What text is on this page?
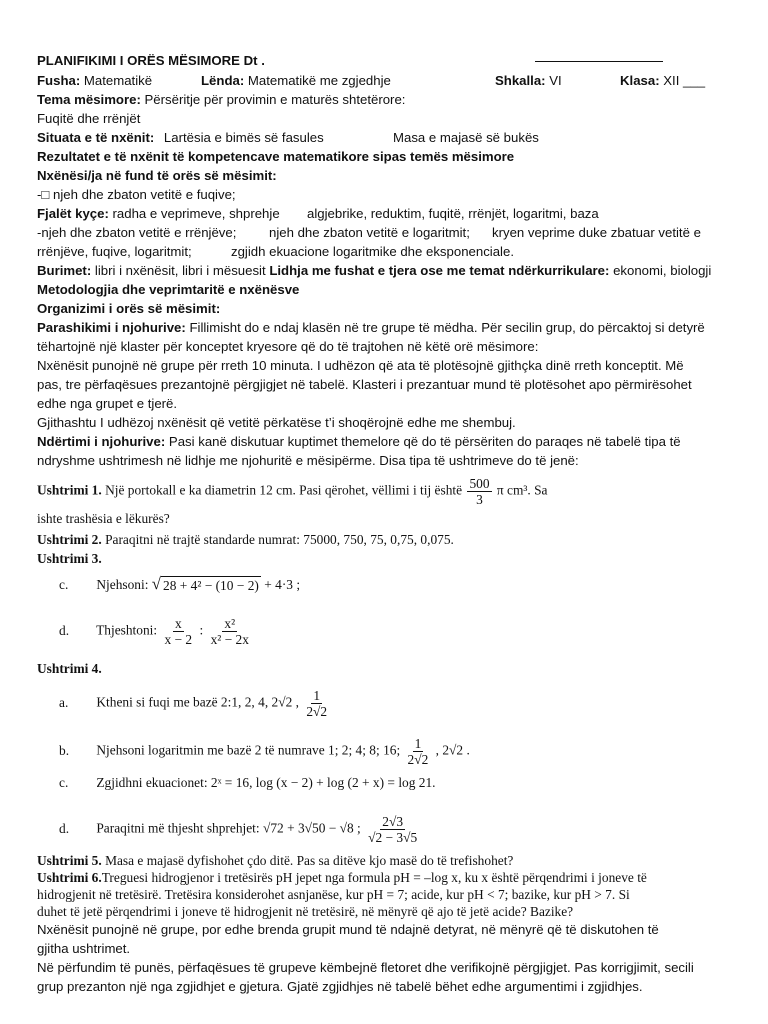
PLANIFIKIMI I ORËS MËSIMORE Dt .
Fusha: Matematikë	Lënda: Matematikë me zgjedhje	Shkalla: VI	Klasa: XII ___
Tema mësimore: Përsëritje për provimin e maturës shtetërore:
Fuqitë dhe rrënjët
Situata e të nxënit: Lartësia e bimës së fasules	Masa e majasë së bukës
Rezultatet e të nxënit të kompetencave matematikore sipas temës mësimore
Nxënësi/ja në fund të orës së mësimit:
-□ njeh dhe zbaton vetitë e fuqive;
Fjalët kyçe: radha e veprimeve, shprehje algjebrike, reduktim, fuqitë, rrënjët, logaritmi, baza
-njeh dhe zbaton vetitë e rrënjëve; njeh dhe zbaton vetitë e logaritmit; kryen veprime duke zbatuar vetitë e
rrënjëve, fuqive, logaritmit;	zgjidh ekuacione logaritmike dhe eksponenciale.
Burimet: libri i nxënësit, libri i mësuesit Lidhja me fushat e tjera ose me temat ndërkurrikulare: ekonomi, biologji
Metodologjia dhe veprimtaritë e nxënësve
Organizimi i orës së mësimit:
Parashikimi i njohurive: Fillimisht do e ndaj klasën në tre grupe të mëdha. Për secilin grup, do përcaktoj si detyrë
tëhartojnë një klaster për konceptet kryesore që do të trajtohen në këtë orë mësimore:
Nxënësit punojnë në grupe për rreth 10 minuta. I udhëzon që ata të plotësojnë gjithçka dinë rreth konceptit. Më
pas, tre përfaqësues prezantojnë përgjigjet në tabelë. Klasteri i prezantuar mund të plotësohet apo përmirësohet
edhe nga grupet e tjerë.
Gjithashtu I udhëzoj nxënësit që vetitë përkatëse t’i shoqërojnë edhe me shembuj.
Ndërtimi i njohurive: Pasi kanë diskutuar kuptimet themelore që do të përsëriten do paraqes në tabelë tipa të
ndryshme ushtrimesh në lidhje me njohuritë e mësipërme. Disa tipa të ushtrimeve do të jenë:
Ushtrimi 1. Një portokall e ka diametrin 12 cm. Pasi qërohet, vëllimi i tij është $\frac{500}{3}$ π cm³. Sa
ishte trashësia e lëkurës?
Ushtrimi 2. Paraqitni në trajtë standarde numrat: 75000, 750, 75, 0,75, 0,075.
Ushtrimi 3.
c. Njehsoni: √ 28 + 4² − (10 − 2) + 4·3 ;
d. Thjeshtoni: $\frac{x}{x - 2}$ : $\frac{\text{x²}}{\text{x² − 2x}}$
Ushtrimi 4.
a. Ktheni si fuqi me bazë 2:1, 2, 4, 2√2 , $\frac{1}{2√2}$
b. Njehsoni logaritmin me bazë 2 të numrave 1; 2; 4; 8; 16; $\frac{1}{2√2}$ , 2√2 .
c. Zgjidhni ekuacionet: 2ˣ = 16, log (x − 2) + log (2 + x) = log 21.
d. Paraqitni më thjesht shprehjet: √72 + 3√50 − √8 ; $\frac{2√3}{√2 - 3√5}$
Ushtrimi 5. Masa e majasë dyfishohet çdo ditë. Pas sa ditëve kjo masë do të trefishohet?
Ushtrimi 6.Treguesi hidrogjenor i tretësirës pH jepet nga formula pH = –log x, ku x është përqendrimi i joneve të
hidrogjenit në tretësirë. Tretësira konsiderohet asnjanëse, kur pH = 7; acide, kur pH < 7; bazike, kur pH > 7. Si
duhet të jetë përqendrimi i joneve të hidrogjenit në tretësirë, në mënyrë që ajo të jetë acide? Bazike?
Nxënësit punojnë në grupe, por edhe brenda grupit mund të ndajnë detyrat, në mënyrë që të diskutohen të
gjitha ushtrimet.
Në përfundim të punës, përfaqësues të grupeve këmbejnë fletoret dhe verifikojnë përgjigjet. Pas korrigjimit, secili
grup prezanton një nga zgjidhjet e gjetura. Gjatë zgjidhjes në tabelë bëhet edhe argumentimi i zgjidhjes.
